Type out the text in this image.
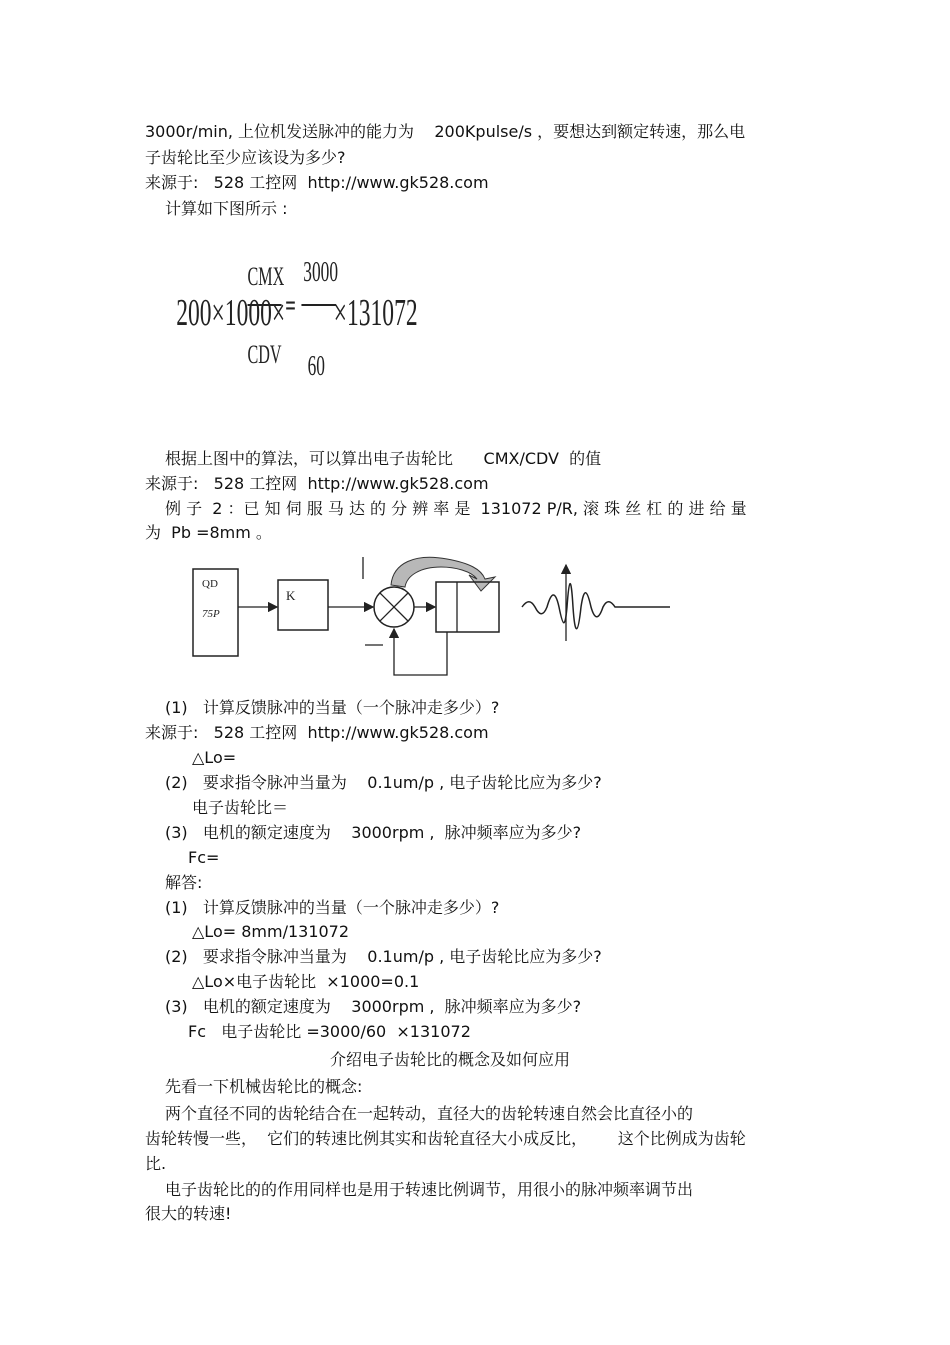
3000r/min, 上位机发送脉冲的能力为    200Kpulse/s ，要想达到额定转速，那么电
子齿轮比至少应该设为多少?
来源于:   528 工控网  http://www.gk528.com
计算如下图所示 :
200×1000×
CMX
CDV
=
3000
60
×131072
根据上图中的算法，可以算出电子齿轮比      CMX/CDV  的值
来源于:   528 工控网  http://www.gk528.com
例 子  2 ：已 知 伺 服 马 达 的 分 辨 率 是  131072 P/R, 滚 珠 丝 杠 的 进 给 量
为  Pb =8mm 。
QD
75P
K
(1)   计算反馈脉冲的当量（一个脉冲走多少）?
来源于:   528 工控网  http://www.gk528.com
△Lo=
(2)   要求指令脉冲当量为    0.1um/p , 电子齿轮比应为多少?
电子齿轮比＝
(3)   电机的额定速度为    3000rpm ,  脉冲频率应为多少?
Fc=
解答:
(1)   计算反馈脉冲的当量（一个脉冲走多少）?
△Lo= 8mm/131072
(2)   要求指令脉冲当量为    0.1um/p , 电子齿轮比应为多少?
△Lo×电子齿轮比  ×1000=0.1
(3)   电机的额定速度为    3000rpm ,  脉冲频率应为多少?
Fc   电子齿轮比 =3000/60  ×131072
介绍电子齿轮比的概念及如何应用
先看一下机械齿轮比的概念:
两个直径不同的齿轮结合在一起转动，直径大的齿轮转速自然会比直径小的
齿轮转慢一些，  它们的转速比例其实和齿轮直径大小成反比，      这个比例成为齿轮
比.
电子齿轮比的的作用同样也是用于转速比例调节，用很小的脉冲频率调节出
很大的转速!
